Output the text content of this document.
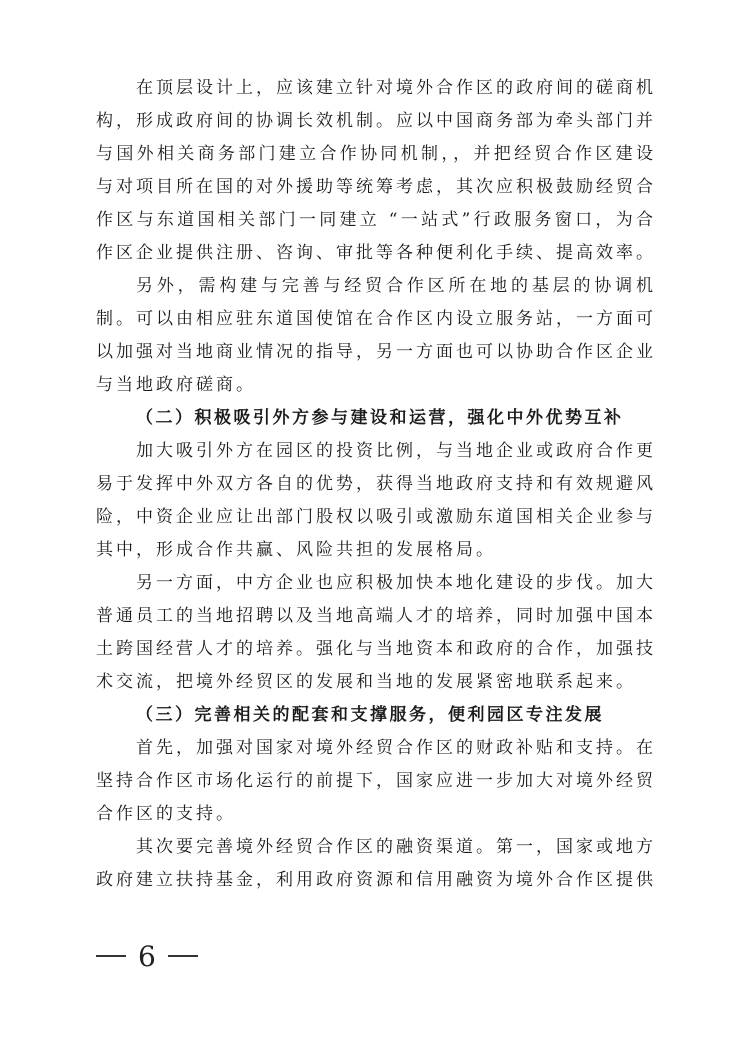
在顶层设计上，应该建立针对境外合作区的政府间的磋商机构，形成政府间的协调长效机制。应以中国商务部为牵头部门并与国外相关商务部门建立合作协同机制，，并把经贸合作区建设与对项目所在国的对外援助等统筹考虑，其次应积极鼓励经贸合作区与东道国相关部门一同建立 “一站式”行政服务窗口，为合作区企业提供注册、咨询、审批等各种便利化手续、提高效率。

另外，需构建与完善与经贸合作区所在地的基层的协调机制。可以由相应驻东道国使馆在合作区内设立服务站，一方面可以加强对当地商业情况的指导，另一方面也可以协助合作区企业与当地政府磋商。

（二）积极吸引外方参与建设和运营，强化中外优势互补

加大吸引外方在园区的投资比例，与当地企业或政府合作更易于发挥中外双方各自的优势，获得当地政府支持和有效规避风险，中资企业应让出部门股权以吸引或激励东道国相关企业参与其中，形成合作共赢、风险共担的发展格局。

另一方面，中方企业也应积极加快本地化建设的步伐。加大普通员工的当地招聘以及当地高端人才的培养，同时加强中国本土跨国经营人才的培养。强化与当地资本和政府的合作，加强技术交流，把境外经贸区的发展和当地的发展紧密地联系起来。

（三）完善相关的配套和支撑服务，便利园区专注发展

首先，加强对国家对境外经贸合作区的财政补贴和支持。在坚持合作区市场化运行的前提下，国家应进一步加大对境外经贸合作区的支持。

其次要完善境外经贸合作区的融资渠道。第一，国家或地方政府建立扶持基金，利用政府资源和信用融资为境外合作区提供

6
